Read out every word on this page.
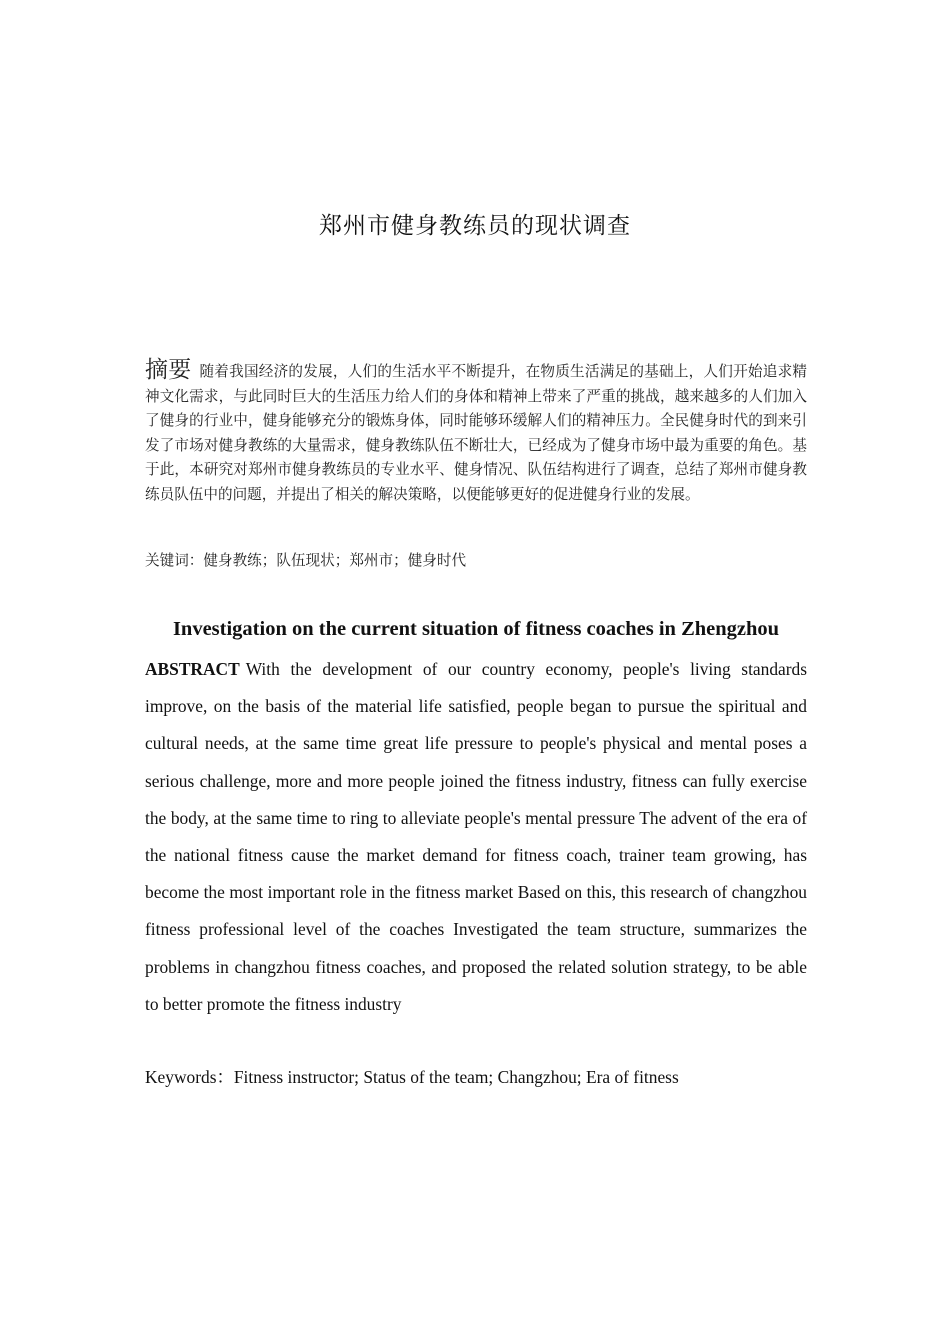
郑州市健身教练员的现状调查
摘要 随着我国经济的发展，人们的生活水平不断提升，在物质生活满足的基础上，人们开始追求精神文化需求，与此同时巨大的生活压力给人们的身体和精神上带来了严重的挑战，越来越多的人们加入了健身的行业中，健身能够充分的锻炼身体，同时能够环缓解人们的精神压力。全民健身时代的到来引发了市场对健身教练的大量需求，健身教练队伍不断壮大，已经成为了健身市场中最为重要的角色。基于此，本研究对郑州市健身教练员的专业水平、健身情况、队伍结构进行了调查，总结了郑州市健身教练员队伍中的问题，并提出了相关的解决策略，以便能够更好的促进健身行业的发展。
关键词：健身教练；队伍现状；郑州市；健身时代
Investigation on the current situation of fitness coaches in Zhengzhou
ABSTRACT With the development of our country economy, people's living standards improve, on the basis of the material life satisfied, people began to pursue the spiritual and cultural needs, at the same time great life pressure to people's physical and mental poses a serious challenge, more and more people joined the fitness industry, fitness can fully exercise the body, at the same time to ring to alleviate people's mental pressure The advent of the era of the national fitness cause the market demand for fitness coach, trainer team growing, has become the most important role in the fitness market Based on this, this research of changzhou fitness professional level of the coaches Investigated the team structure, summarizes the problems in changzhou fitness coaches, and proposed the related solution strategy, to be able to better promote the fitness industry
Keywords：Fitness instructor; Status of the team; Changzhou; Era of fitness
